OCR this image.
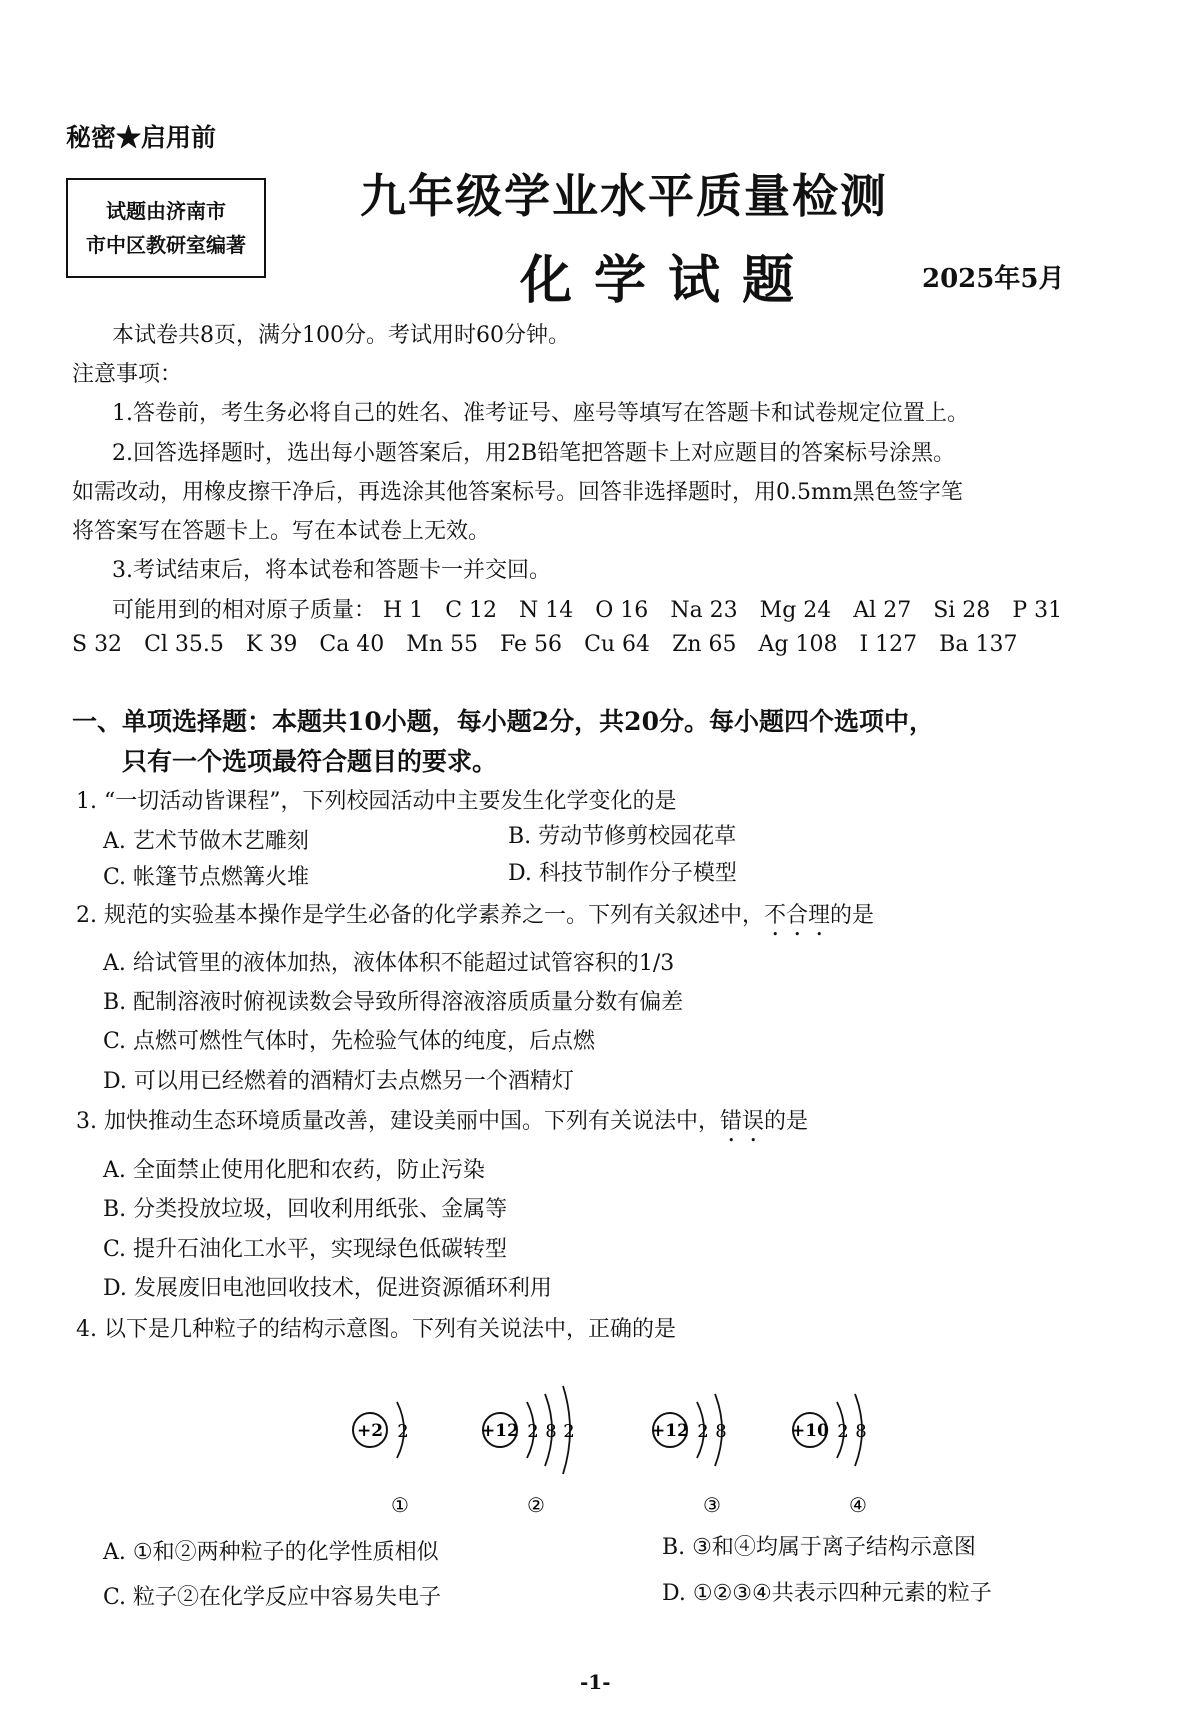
秘密★启用前
试题由济南市
市中区教研室编著
九年级学业水平质量检测
化学试题	2025年5月
本试卷共8页，满分100分。考试用时60分钟。
注意事项：
1.答卷前，考生务必将自己的姓名、准考证号、座号等填写在答题卡和试卷规定位置上。
2.回答选择题时，选出每小题答案后，用2B铅笔把答题卡上对应题目的答案标号涂黑。
如需改动，用橡皮擦干净后，再选涂其他答案标号。回答非选择题时，用0.5mm黑色签字笔
将答案写在答题卡上。写在本试卷上无效。
3.考试结束后，将本试卷和答题卡一并交回。
可能用到的相对原子质量： H 1 C 12 N 14 O 16 Na 23 Mg 24 Al 27 Si 28 P 31
S 32 Cl 35.5 K 39 Ca 40 Mn 55 Fe 56 Cu 64 Zn 65 Ag 108 I 127 Ba 137
一、单项选择题：本题共10小题，每小题2分，共20分。每小题四个选项中，
只有一个选项最符合题目的要求。
1. “一切活动皆课程”，下列校园活动中主要发生化学变化的是
A. 艺术节做木艺雕刻	B. 劳动节修剪校园花草
C. 帐篷节点燃篝火堆	D. 科技节制作分子模型
2. 规范的实验基本操作是学生必备的化学素养之一。下列有关叙述中，不合理的是
A. 给试管里的液体加热，液体体积不能超过试管容积的1/3
B. 配制溶液时俯视读数会导致所得溶液溶质质量分数有偏差
C. 点燃可燃性气体时，先检验气体的纯度，后点燃
D. 可以用已经燃着的酒精灯去点燃另一个酒精灯
3. 加快推动生态环境质量改善，建设美丽中国。下列有关说法中，错误的是
A. 全面禁止使用化肥和农药，防止污染
B. 分类投放垃圾，回收利用纸张、金属等
C. 提升石油化工水平，实现绿色低碳转型
D. 发展废旧电池回收技术，促进资源循环利用
4. 以下是几种粒子的结构示意图。下列有关说法中，正确的是
+2 2
①
+12 2 8 2
②
+12 2 8
③
+10 2 8
④
A. ①和②两种粒子的化学性质相似	B. ③和④均属于离子结构示意图
C. 粒子②在化学反应中容易失电子	D. ①②③④共表示四种元素的粒子
-1-
